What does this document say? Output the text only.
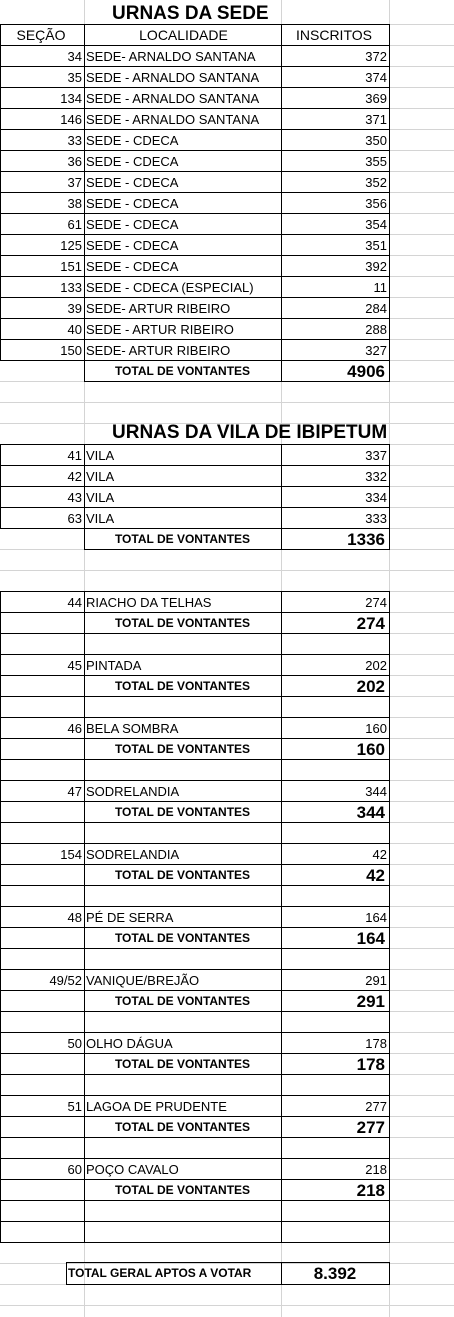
URNAS DA SEDE
SEÇÃO	LOCALIDADE	INSCRITOS
34 SEDE- ARNALDO SANTANA	372
35 SEDE - ARNALDO SANTANA	374
134 SEDE - ARNALDO SANTANA	369
146 SEDE - ARNALDO SANTANA	371
33 SEDE - CDECA	350
36 SEDE - CDECA	355
37 SEDE - CDECA	352
38 SEDE - CDECA	356
61 SEDE - CDECA	354
125 SEDE - CDECA	351
151 SEDE - CDECA	392
133 SEDE - CDECA (ESPECIAL)	11
39 SEDE- ARTUR RIBEIRO	284
40 SEDE - ARTUR RIBEIRO	288
150 SEDE- ARTUR RIBEIRO	327
TOTAL DE VONTANTES	4906
URNAS DA VILA DE IBIPETUM
41 VILA	337
42 VILA	332
43 VILA	334
63 VILA	333
TOTAL DE VONTANTES	1336
44 RIACHO DA TELHAS	274
TOTAL DE VONTANTES	274
45 PINTADA	202
TOTAL DE VONTANTES	202
46 BELA SOMBRA	160
TOTAL DE VONTANTES	160
47 SODRELANDIA	344
TOTAL DE VONTANTES	344
154 SODRELANDIA	42
TOTAL DE VONTANTES	42
48 PÉ DE SERRA	164
TOTAL DE VONTANTES	164
49/52 VANIQUE/BREJÃO	291
TOTAL DE VONTANTES	291
50 OLHO DÁGUA	178
TOTAL DE VONTANTES	178
51 LAGOA DE PRUDENTE	277
TOTAL DE VONTANTES	277
60 POÇO CAVALO	218
TOTAL DE VONTANTES	218
TOTAL GERAL APTOS A VOTAR	8.392
